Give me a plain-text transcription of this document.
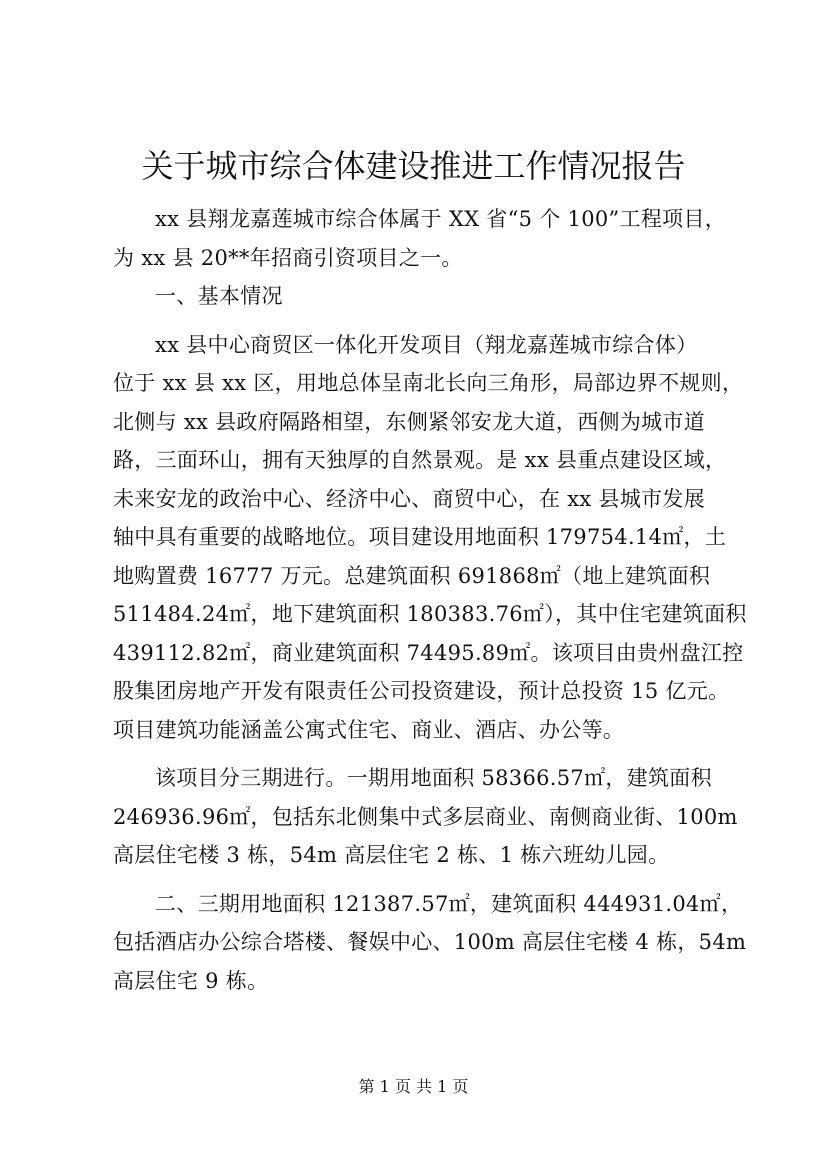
关于城市综合体建设推进工作情况报告
xx 县翔龙嘉莲城市综合体属于 XX 省“5 个 100”工程项目，
为 xx 县 20**年招商引资项目之一。
一、基本情况
xx 县中心商贸区一体化开发项目（翔龙嘉莲城市综合体）
位于 xx 县 xx 区，用地总体呈南北长向三角形，局部边界不规则，
北侧与 xx 县政府隔路相望，东侧紧邻安龙大道，西侧为城市道
路，三面环山，拥有天独厚的自然景观。是 xx 县重点建设区域，
未来安龙的政治中心、经济中心、商贸中心，在 xx 县城市发展
轴中具有重要的战略地位。项目建设用地面积 179754.14㎡，土
地购置费 16777 万元。总建筑面积 691868㎡（地上建筑面积
511484.24㎡，地下建筑面积 180383.76㎡），其中住宅建筑面积
439112.82㎡，商业建筑面积 74495.89㎡。该项目由贵州盘江控
股集团房地产开发有限责任公司投资建设，预计总投资 15 亿元。
项目建筑功能涵盖公寓式住宅、商业、酒店、办公等。
该项目分三期进行。一期用地面积 58366.57㎡，建筑面积
246936.96㎡，包括东北侧集中式多层商业、南侧商业街、100m
高层住宅楼 3 栋，54m 高层住宅 2 栋、1 栋六班幼儿园。
二、三期用地面积 121387.57㎡，建筑面积 444931.04㎡，
包括酒店办公综合塔楼、餐娱中心、100m 高层住宅楼 4 栋，54m
高层住宅 9 栋。
第 1 页 共 1 页
